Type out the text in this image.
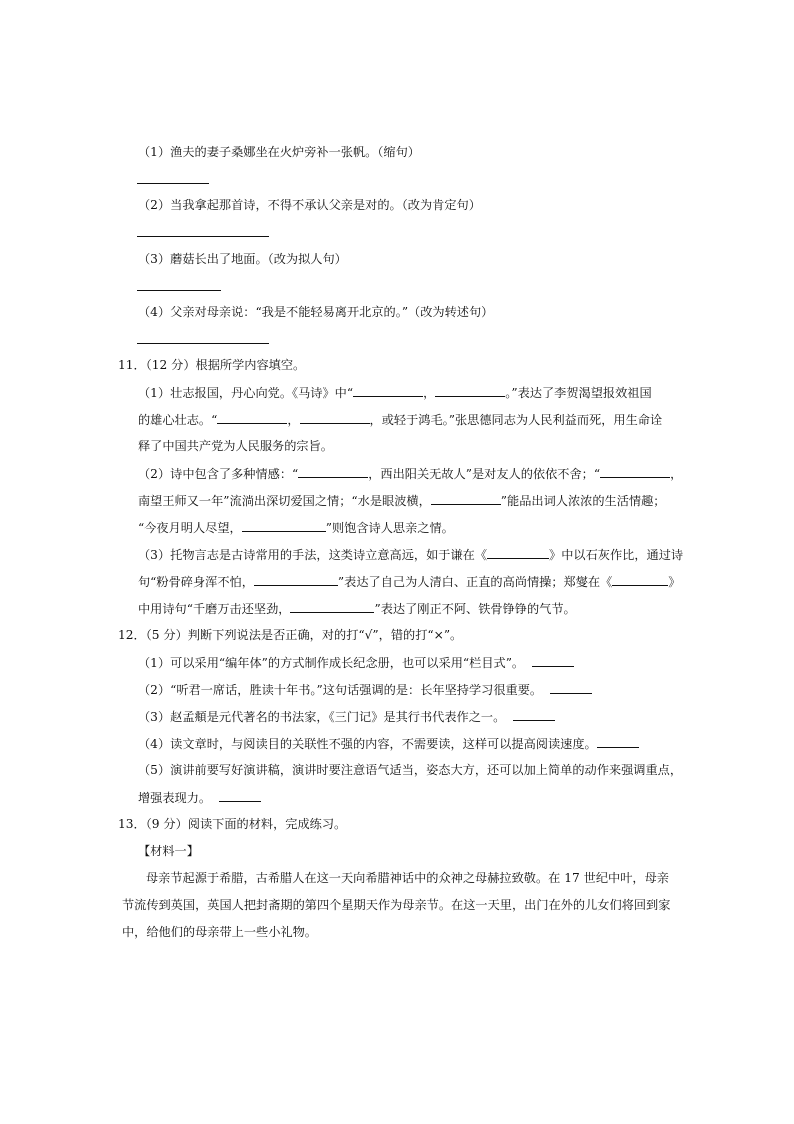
（1）渔夫的妻子桑娜坐在火炉旁补一张帆。（缩句）
（2）当我拿起那首诗，不得不承认父亲是对的。（改为肯定句）
（3）蘑菇长出了地面。（改为拟人句）
（4）父亲对母亲说：“我是不能轻易离开北京的。”（改为转述句）
11．（12 分）根据所学内容填空。
（1）壮志报国，丹心向党。《马诗》中“	，	。”表达了李贺渴望报效祖国
的雄心壮志。“	，	，或轻于鸿毛。”张思德同志为人民利益而死，用生命诠
释了中国共产党为人民服务的宗旨。
（2）诗中包含了多种情感：“	，西出阳关无故人”是对友人的依依不舍；“	，
南望王师又一年”流淌出深切爱国之情；“水是眼波横，	”能品出词人浓浓的生活情趣；
“今夜月明人尽望，	”则饱含诗人思亲之情。
（3）托物言志是古诗常用的手法，这类诗立意高远，如于谦在《	》中以石灰作比，通过诗
句“粉骨碎身浑不怕，	”表达了自己为人清白、正直的高尚情操；郑燮在《	》
中用诗句“千磨万击还坚劲，	”表达了刚正不阿、铁骨铮铮的气节。
12．（5 分）判断下列说法是否正确，对的打“√”，错的打“×”。
（1）可以采用“编年体”的方式制作成长纪念册，也可以采用“栏目式”。
（2）“听君一席话，胜读十年书。”这句话强调的是：长年坚持学习很重要。
（3）赵孟頫是元代著名的书法家，《三门记》是其行书代表作之一。
（4）读文章时，与阅读目的关联性不强的内容，不需要读，这样可以提高阅读速度。
（5）演讲前要写好演讲稿，演讲时要注意语气适当，姿态大方，还可以加上简单的动作来强调重点，
增强表现力。
13．（9 分）阅读下面的材料，完成练习。
【材料一】
母亲节起源于希腊，古希腊人在这一天向希腊神话中的众神之母赫拉致敬。在 17 世纪中叶，母亲
节流传到英国，英国人把封斋期的第四个星期天作为母亲节。在这一天里，出门在外的儿女们将回到家
中，给他们的母亲带上一些小礼物。
